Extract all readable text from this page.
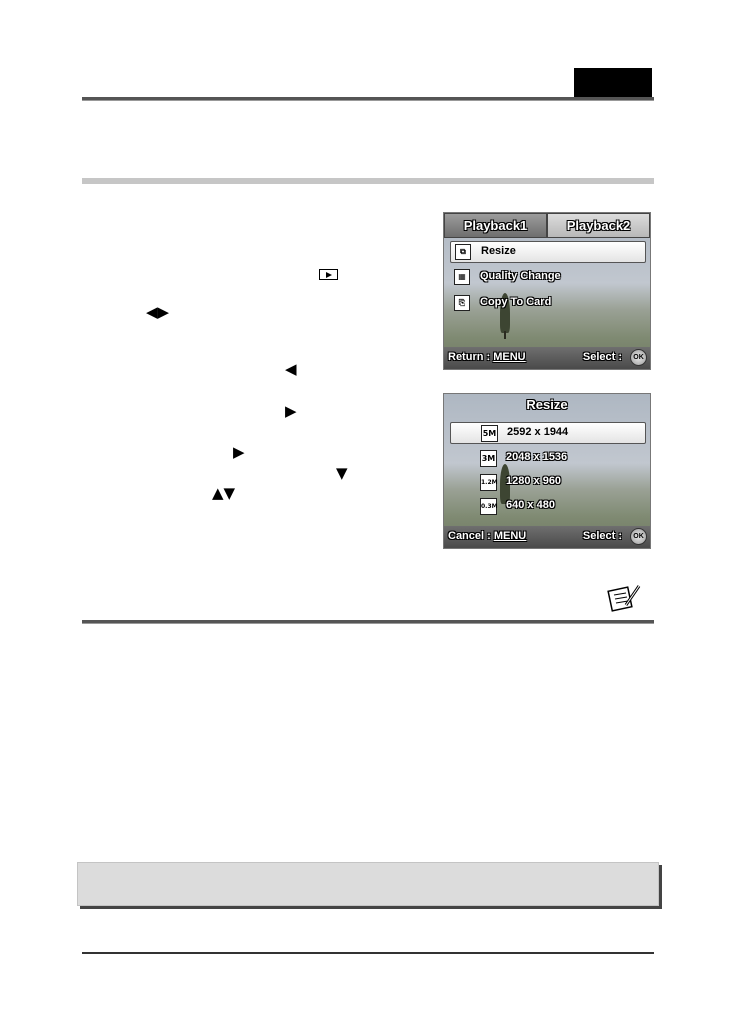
◀▶
◀
▶
▶
▼
▲▼
Playback1	Playback2
⧉	Resize
▦	Quality Change
⎘	Copy To Card
Return : MENU	Select :	OK
Resize
5M 2592 x 1944
3M 2048 x 1536
1.2M 1280 x 960
0.3M 640 x 480
Cancel : MENU	Select :	OK
